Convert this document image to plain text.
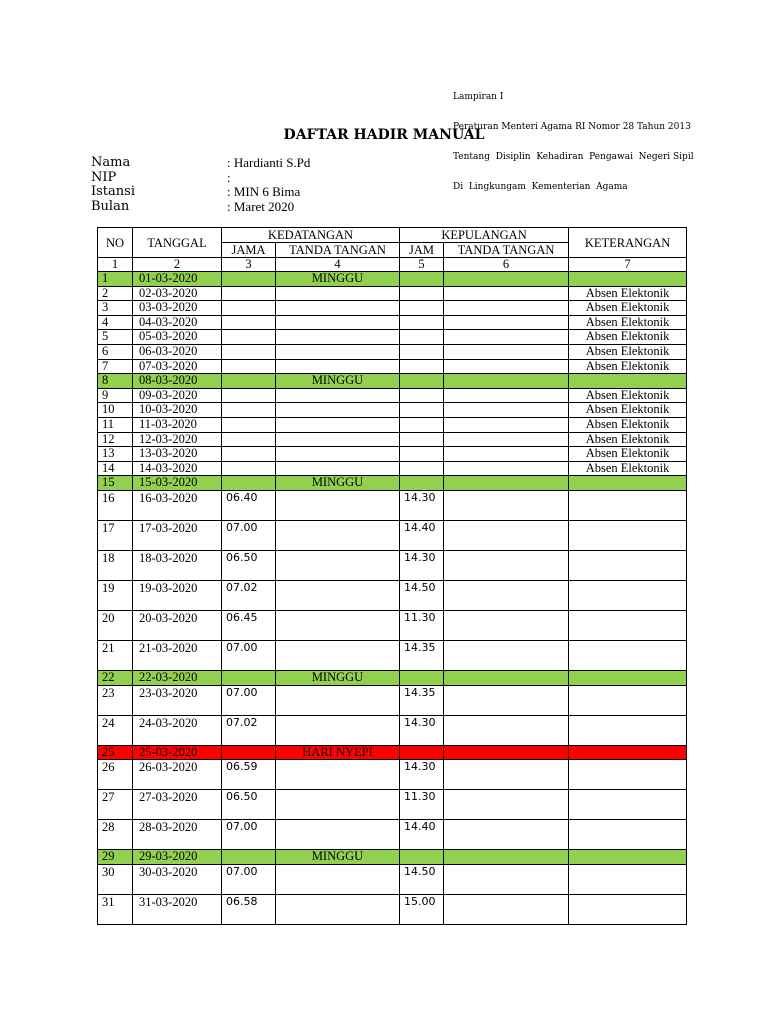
Lampiran I

Peraturan Menteri Agama RI Nomor 28 Tahun 2013

Tentang  Disiplin  Kehadiran  Pengawai  Negeri Sipil

Di  Lingkungam  Kementerian  Agama

DAFTAR HADIR MANUAL
Nama	: Hardianti S.Pd
NIP	:
Istansi	: MIN 6 Bima
Bulan	: Maret 2020
NO	TANGGAL	KEDATANGAN		KEPULANGAN		KETERANGAN
		JAMA	TANDA TANGAN	JAM	TANDA TANGAN	
1	2	3	4	5	6	7
1	01-03-2020		MINGGU			
2	02-03-2020					Absen Elektonik
3	03-03-2020					Absen Elektonik
4	04-03-2020					Absen Elektonik
5	05-03-2020					Absen Elektonik
6	06-03-2020					Absen Elektonik
7	07-03-2020					Absen Elektonik
8	08-03-2020		MINGGU			
9	09-03-2020					Absen Elektonik
10	10-03-2020					Absen Elektonik
11	11-03-2020					Absen Elektonik
12	12-03-2020					Absen Elektonik
13	13-03-2020					Absen Elektonik
14	14-03-2020					Absen Elektonik
15	15-03-2020		MINGGU			
16	16-03-2020	06.40		14.30		
17	17-03-2020	07.00		14.40		
18	18-03-2020	06.50		14.30		
19	19-03-2020	07.02		14.50		
20	20-03-2020	06.45		11.30		
21	21-03-2020	07.00		14.35		
22	22-03-2020		MINGGU			
23	23-03-2020	07.00		14.35		
24	24-03-2020	07.02		14.30		
25	25-03-2020		HARI NYEPI			
26	26-03-2020	06.59		14.30		
27	27-03-2020	06.50		11.30		
28	28-03-2020	07.00		14.40		
29	29-03-2020		MINGGU			
30	30-03-2020	07.00		14.50		
31	31-03-2020	06.58		15.00		
